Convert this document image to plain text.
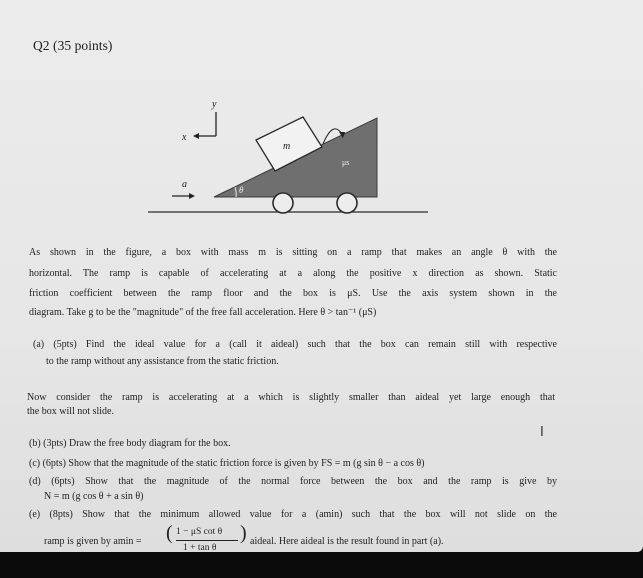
Q2 (35 points)
y
x
a	θ
m
μs
As shown in the figure, a box with mass m is sitting on a ramp that makes an angle θ with the
horizontal. The ramp is capable of accelerating at a along the positive x direction as shown. Static
friction coefficient between the ramp floor and the box is μS. Use the axis system shown in the
diagram. Take g to be the "magnitude" of the free fall acceleration. Here θ > tan⁻¹ (μS)
(a) (5pts) Find the ideal value for a (call it aideal) such that the box can remain still with respective
to the ramp without any assistance from the static friction.
Now consider the ramp is accelerating at a which is slightly smaller than aideal yet large enough that
the box will not slide.
I
(b) (3pts) Draw the free body diagram for the box.
(c) (6pts) Show that the magnitude of the static friction force is given by FS = m (g sin θ − a cos θ)
(d) (6pts) Show that the magnitude of the normal force between the box and the ramp is give by
N = m (g cos θ + a sin θ)
(e) (8pts) Show that the minimum allowed value for a (amin) such that the box will not slide on the
ramp is given by amin = ( 1 − μS cot θ
1 + tan θ
) aideal. Here aideal is the result found in part (a).
